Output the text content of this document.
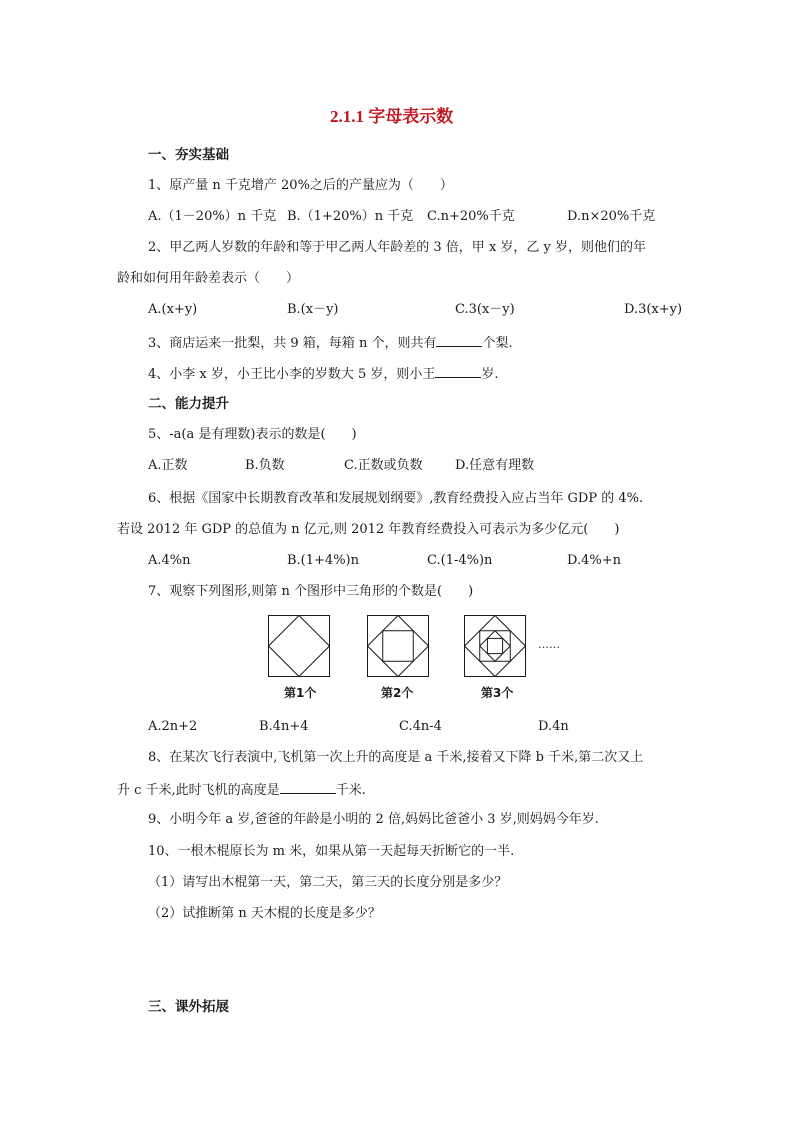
2.1.1 字母表示数
一、夯实基础
1、原产量 n 千克增产 20%之后的产量应为（　　）
A.（1－20%）n 千克 B.（1+20%）n 千克 C.n+20%千克	D.n×20%千克
2、甲乙两人岁数的年龄和等于甲乙两人年龄差的 3 倍，甲 x 岁，乙 y 岁，则他们的年
龄和如何用年龄差表示（　　）
A.(x+y)	B.(x－y)	C.3(x－y)	D.3(x+y)
3、商店运来一批梨，共 9 箱，每箱 n 个，则共有	个梨.
4、小李 x 岁，小王比小李的岁数大 5 岁，则小王	岁.
二、能力提升
5、-a(a 是有理数)表示的数是(　　)
A.正数	B.负数	C.正数或负数 D.任意有理数
6、根据《国家中长期教育改革和发展规划纲要》,教育经费投入应占当年 GDP 的 4%.
若设 2012 年 GDP 的总值为 n 亿元,则 2012 年教育经费投入可表示为多少亿元(　　)
A.4%n	B.(1+4%)n	C.(1-4%)n	D.4%+n
7、观察下列图形,则第 n 个图形中三角形的个数是(　　)
……
第1个	第2个	第3个
A.2n+2	B.4n+4	C.4n-4	D.4n
8、在某次飞行表演中,飞机第一次上升的高度是 a 千米,接着又下降 b 千米,第二次又上
升 c 千米,此时飞机的高度是	千米.
9、小明今年 a 岁,爸爸的年龄是小明的 2 倍,妈妈比爸爸小 3 岁,则妈妈今年岁.
10、一根木棍原长为 m 米，如果从第一天起每天折断它的一半.
（1）请写出木棍第一天，第二天，第三天的长度分别是多少？
（2）试推断第 n 天木棍的长度是多少？
三、课外拓展
